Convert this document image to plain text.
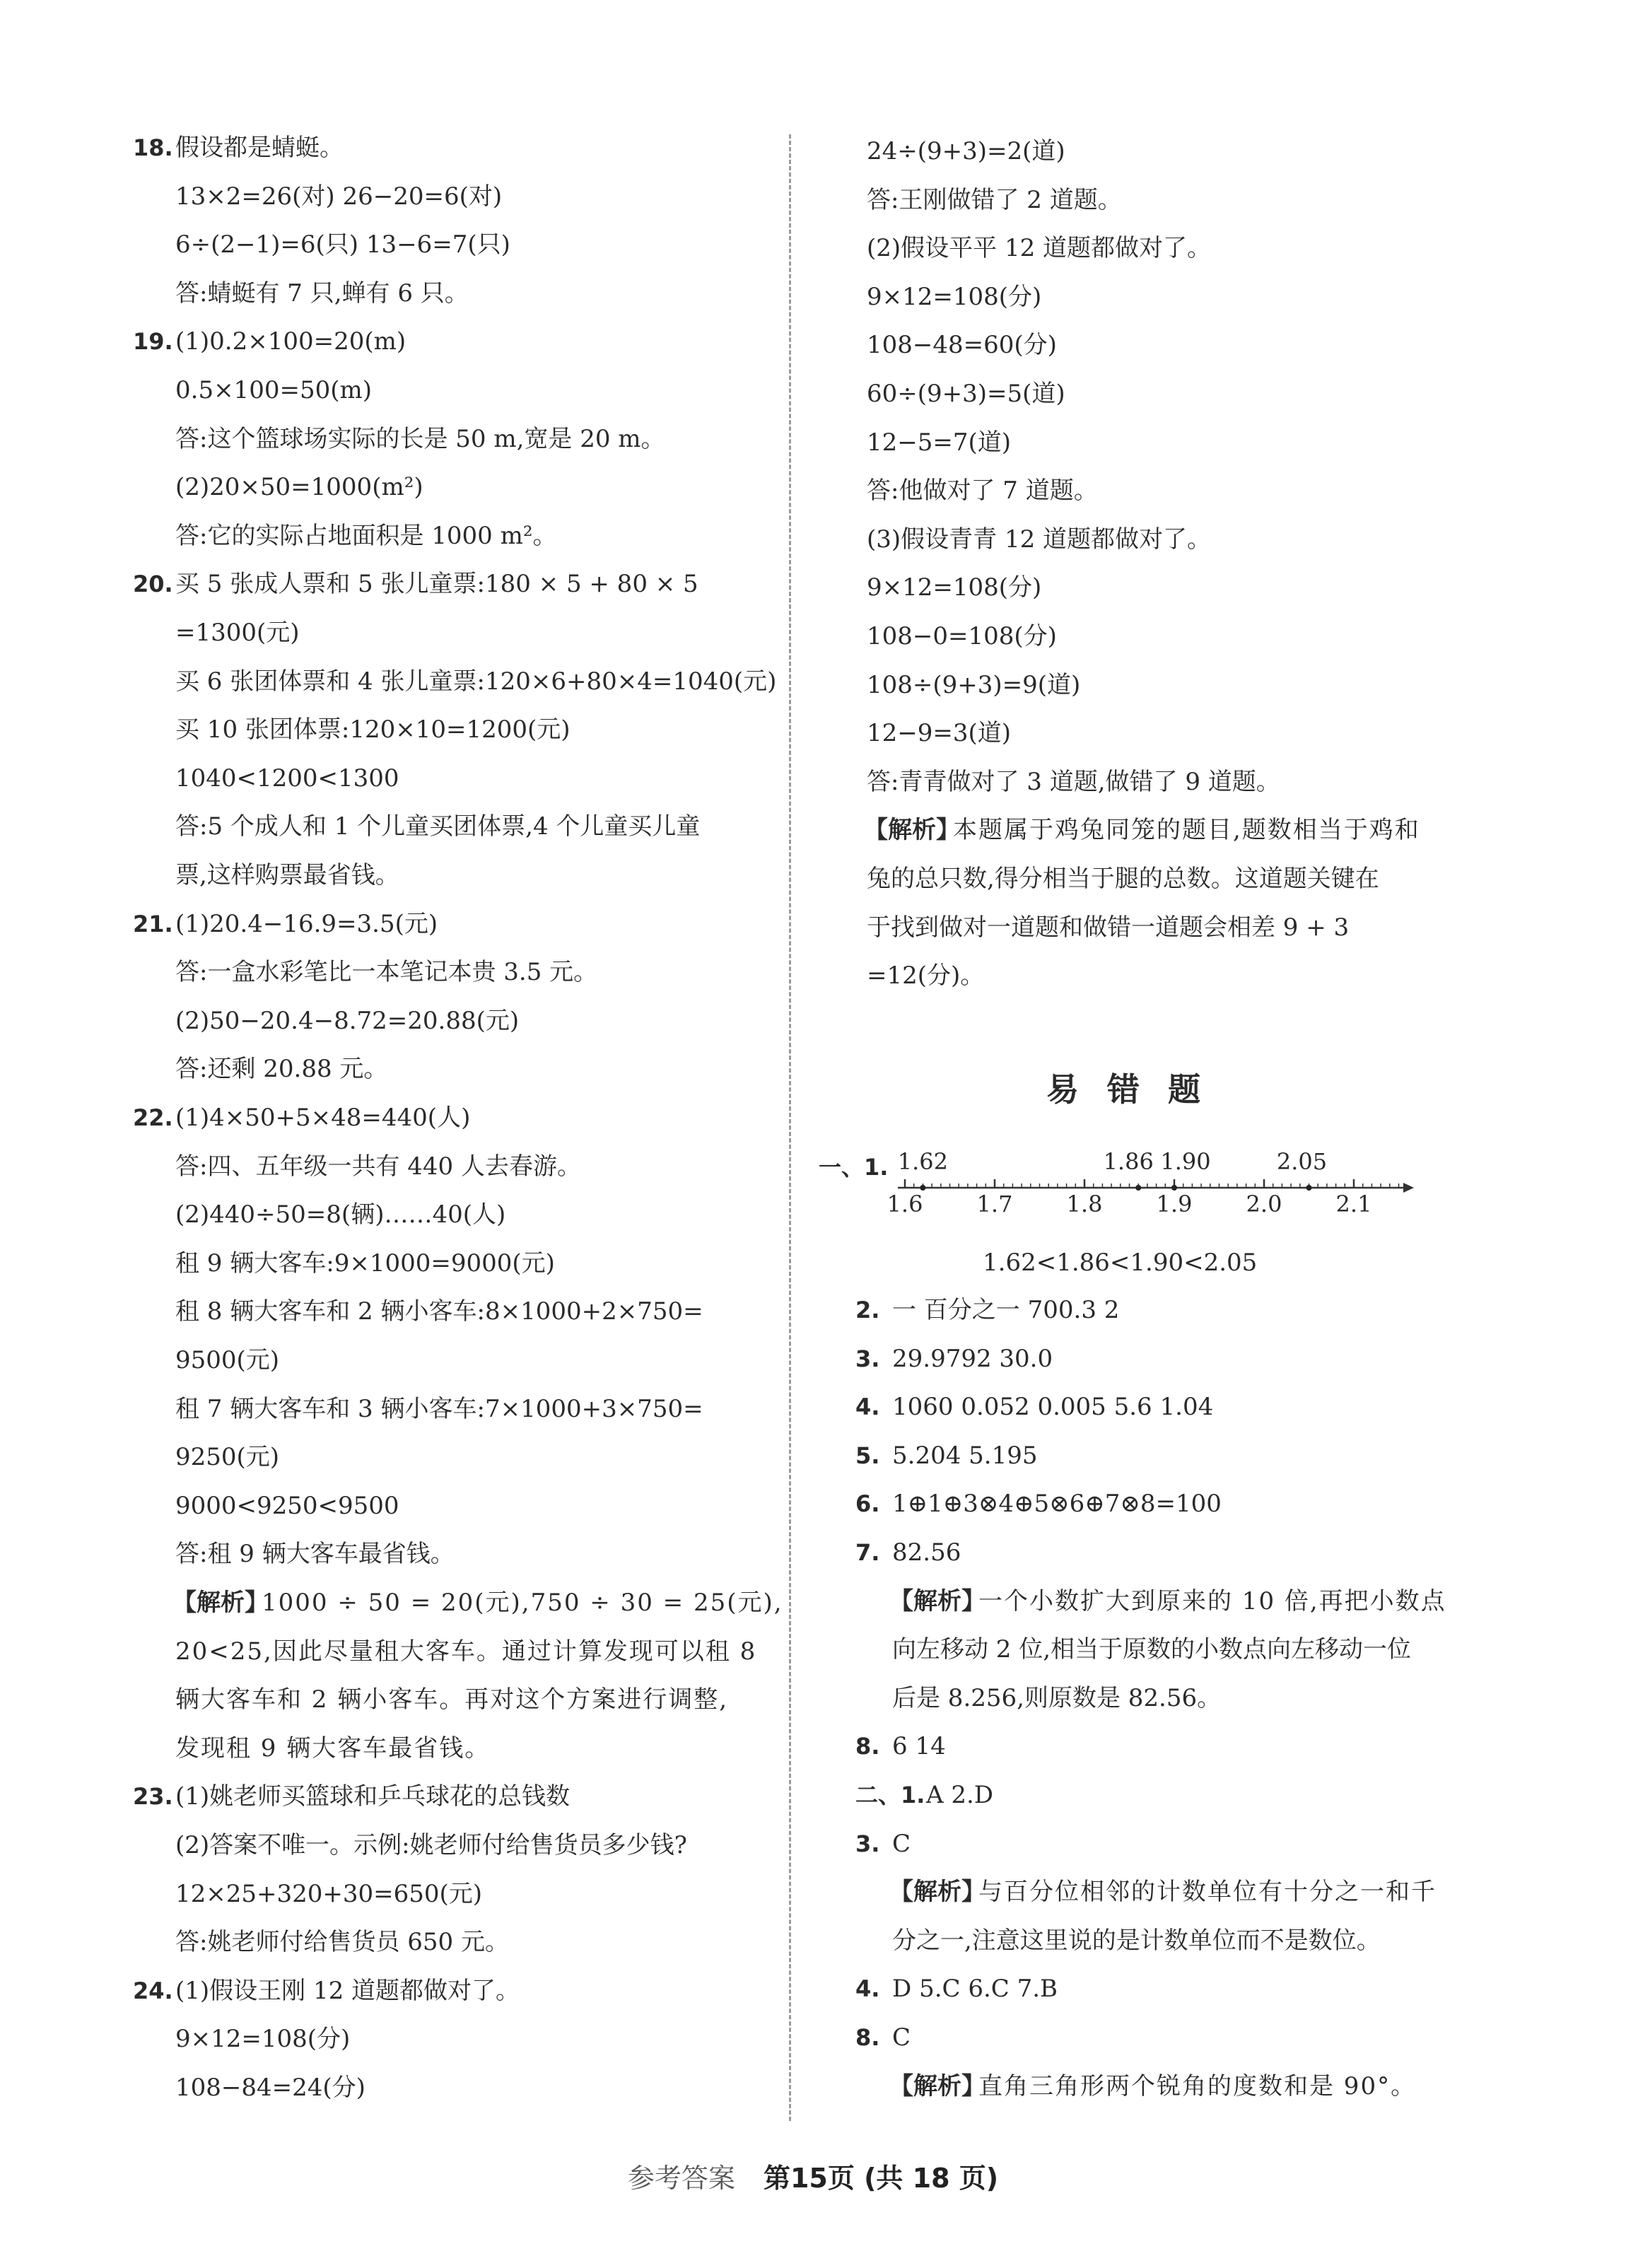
18. 假设都是蜻蜓。
13×2=26(对) 26−20=6(对)
6÷(2−1)=6(只) 13−6=7(只)
答:蜻蜓有 7 只,蝉有 6 只。
19. (1)0.2×100=20(m)
0.5×100=50(m)
答:这个篮球场实际的长是 50 m,宽是 20 m。
(2)20×50=1000(m²)
答:它的实际占地面积是 1000 m²。
20. 买 5 张成人票和 5 张儿童票:180 × 5 + 80 × 5
=1300(元)
买 6 张团体票和 4 张儿童票:120×6+80×4=1040(元)
买 10 张团体票:120×10=1200(元)
1040<1200<1300
答:5 个成人和 1 个儿童买团体票,4 个儿童买儿童
票,这样购票最省钱。
21. (1)20.4−16.9=3.5(元)
答:一盒水彩笔比一本笔记本贵 3.5 元。
(2)50−20.4−8.72=20.88(元)
答:还剩 20.88 元。
22. (1)4×50+5×48=440(人)
答:四、五年级一共有 440 人去春游。
(2)440÷50=8(辆)……40(人)
租 9 辆大客车:9×1000=9000(元)
租 8 辆大客车和 2 辆小客车:8×1000+2×750=
9500(元)
租 7 辆大客车和 3 辆小客车:7×1000+3×750=
9250(元)
9000<9250<9500
答:租 9 辆大客车最省钱。
【解析】
1000 ÷ 50 = 20(元),750 ÷ 30 = 25(元),
20<25,因此尽量租大客车。通过计算发现可以租 8
辆大客车和 2 辆小客车。再对这个方案进行调整,
发现租 9 辆大客车最省钱。
23. (1)姚老师买篮球和乒乓球花的总钱数
(2)答案不唯一。示例:姚老师付给售货员多少钱?
12×25+320+30=650(元)
答:姚老师付给售货员 650 元。
24. (1)假设王刚 12 道题都做对了。
9×12=108(分)
108−84=24(分)
24÷(9+3)=2(道)
答:王刚做错了 2 道题。
(2)假设平平 12 道题都做对了。
9×12=108(分)
108−48=60(分)
60÷(9+3)=5(道)
12−5=7(道)
答:他做对了 7 道题。
(3)假设青青 12 道题都做对了。
9×12=108(分)
108−0=108(分)
108÷(9+3)=9(道)
12−9=3(道)
答:青青做对了 3 道题,做错了 9 道题。
【解析】
本题属于鸡兔同笼的题目,题数相当于鸡和
兔的总只数,得分相当于腿的总数。这道题关键在
于找到做对一道题和做错一道题会相差 9 + 3
=12(分)。
易错题
一、1.
1.6 1.7 1.8 1.9 2.0 2.1
1.62	1.86 1.90	2.05
1.62<1.86<1.90<2.05
2. 一 百分之一 700.3 2
3. 29.9792 30.0
4. 1060 0.052 0.005 5.6 1.04
5. 5.204 5.195
6. 1⊕1⊕3⊗4⊕5⊗6⊕7⊗8=100
7. 82.56
【解析】
一个小数扩大到原来的 10 倍,再把小数点
向左移动 2 位,相当于原数的小数点向左移动一位
后是 8.256,则原数是 82.56。
8. 6 14
二、1. A 2.D
3. C
【解析】
与百分位相邻的计数单位有十分之一和千
分之一,注意这里说的是计数单位而不是数位。
4. D 5.C 6.C 7.B
8. C
【解析】
直角三角形两个锐角的度数和是 90°。
参考答案 第15页 (共 18 页)
